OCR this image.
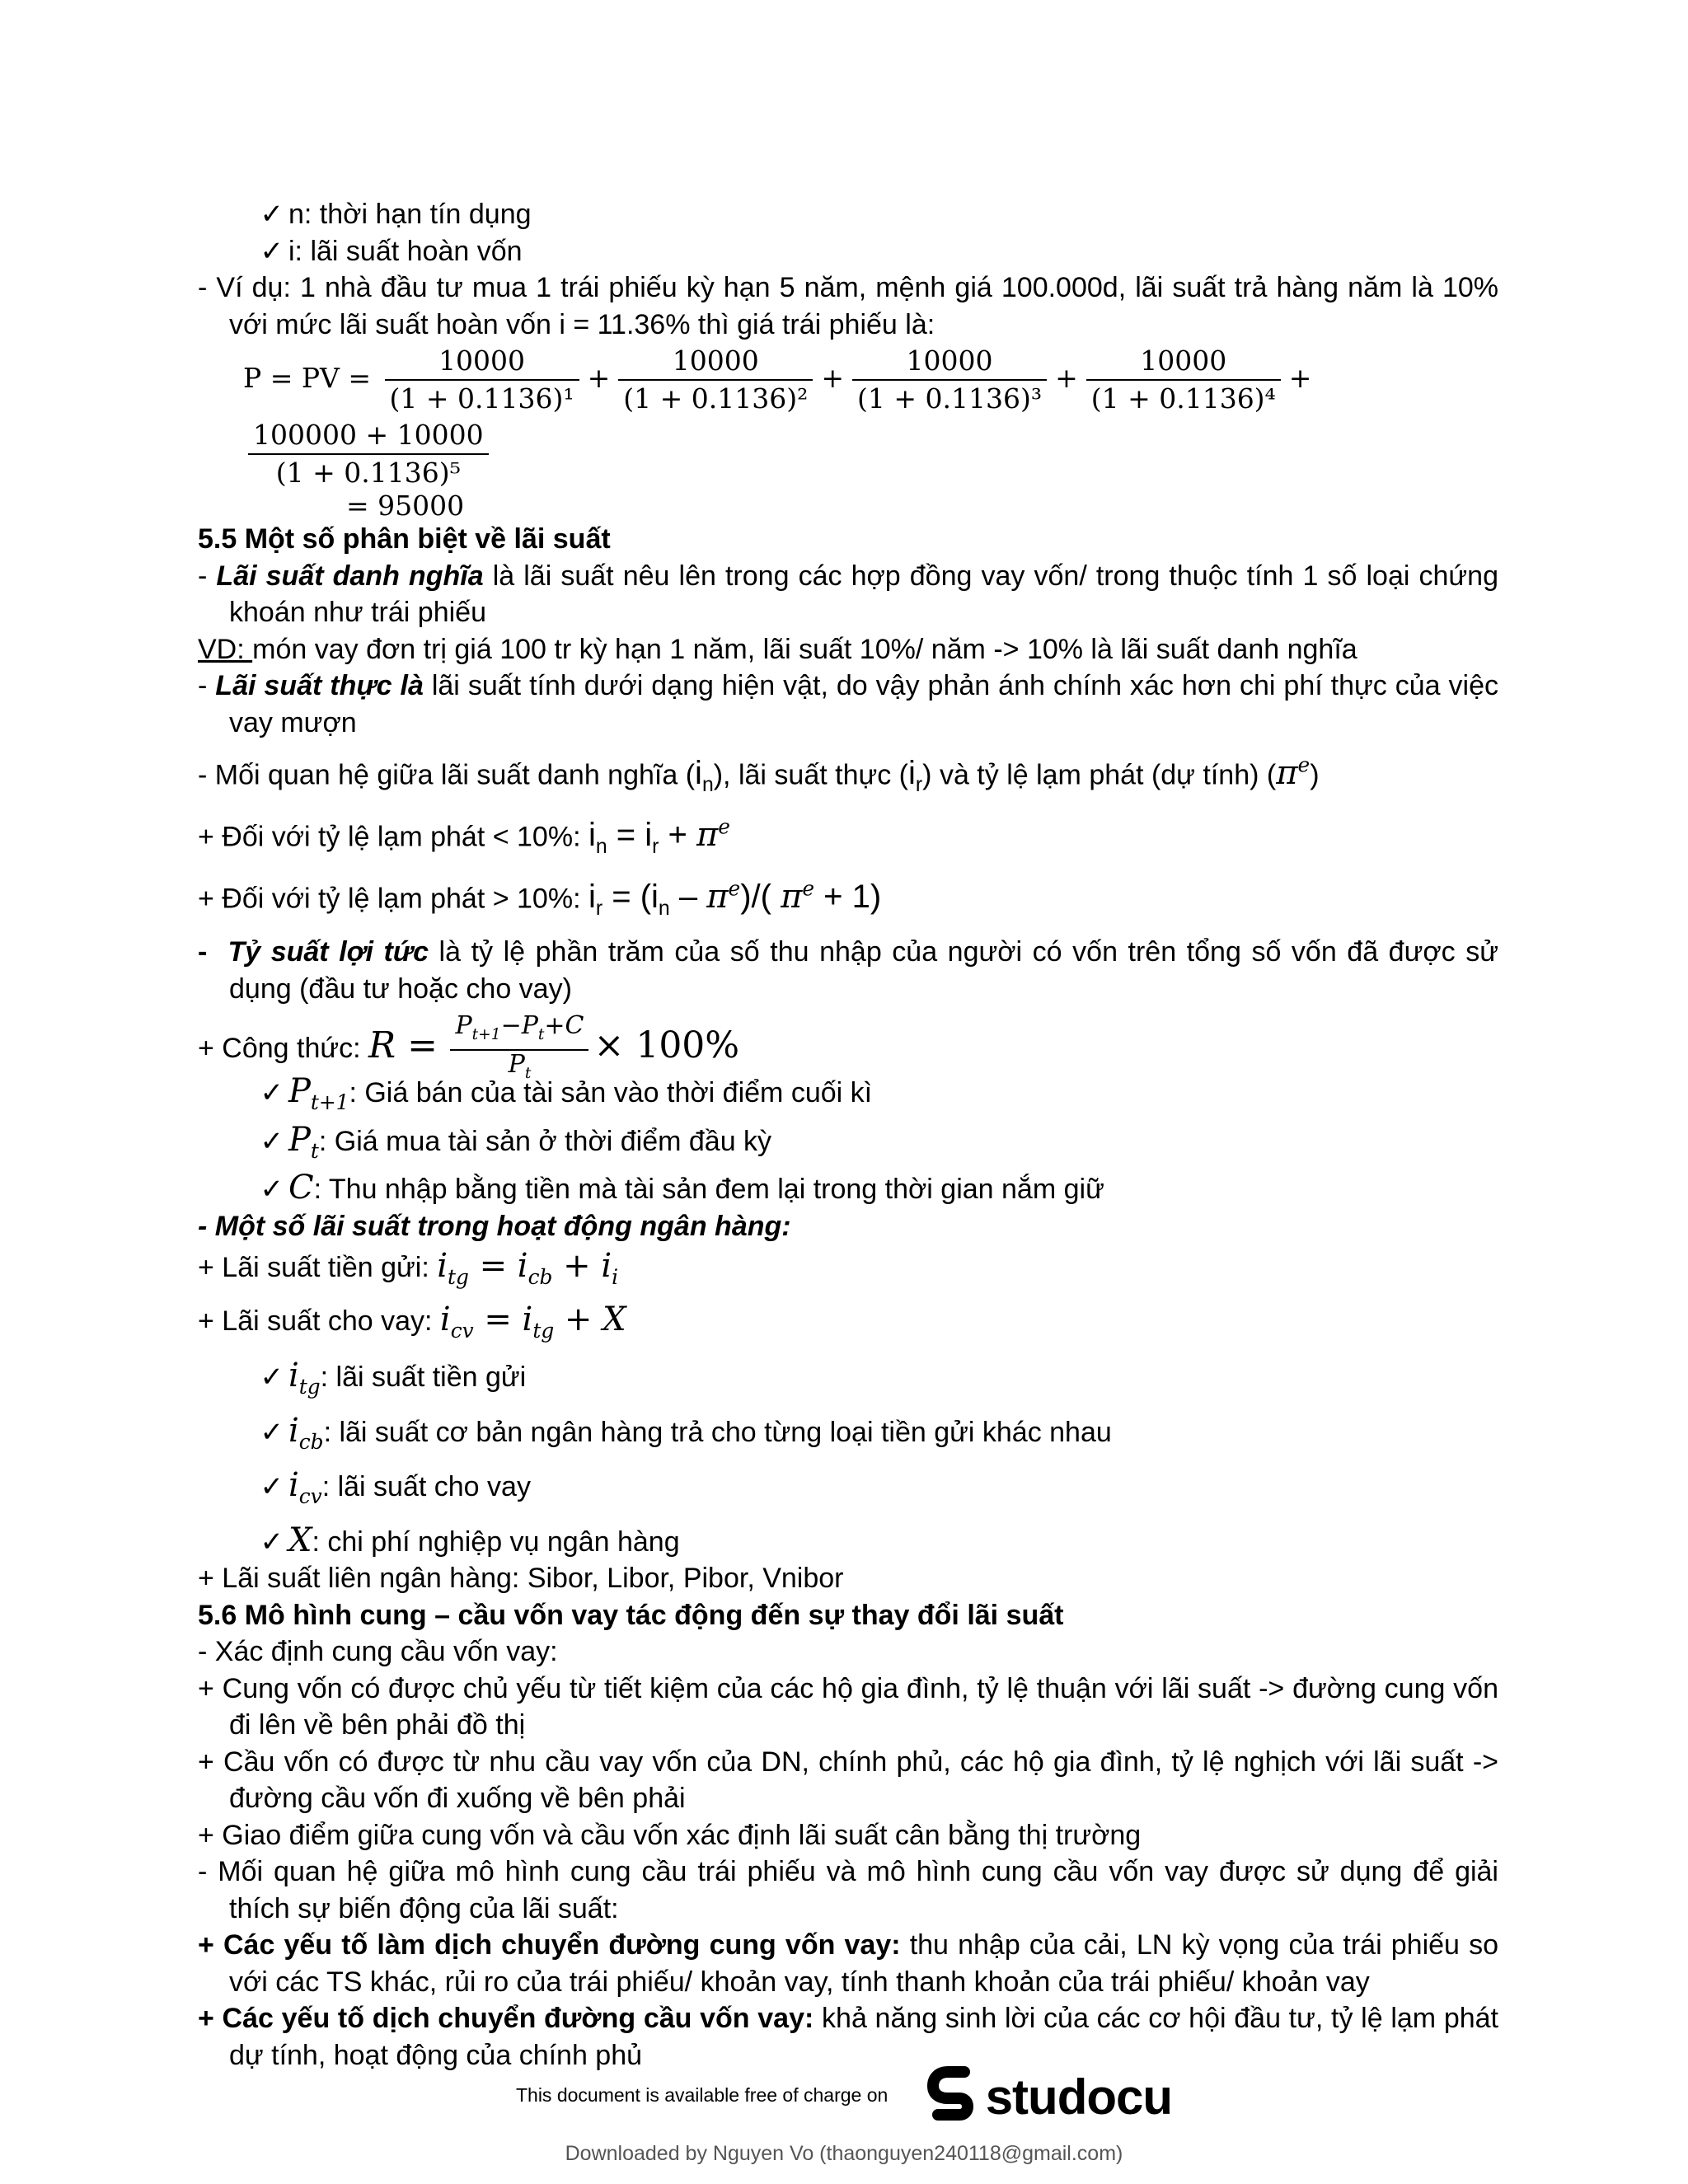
✓ n: thời hạn tín dụng
✓ i: lãi suất hoàn vốn
- Ví dụ: 1 nhà đầu tư mua 1 trái phiếu kỳ hạn 5 năm, mệnh giá 100.000d, lãi suất trả hàng năm là 10% với mức lãi suất hoàn vốn i = 11.36% thì giá trái phiếu là:
P = PV = $\frac{10000}{\text{(1 + 0.1136)¹}} + \frac{10000}{\text{(1 + 0.1136)²}} + \frac{10000}{\text{(1 + 0.1136)³}} + \frac{10000}{\text{(1 + 0.1136)⁴}}$ +
$\frac{100000 + 10000}{\text{(1 + 0.1136)⁵}}$
= 95000
5.5 Một số phân biệt về lãi suất
- Lãi suất danh nghĩa là lãi suất nêu lên trong các hợp đồng vay vốn/ trong thuộc tính 1 số loại chứng khoán như trái phiếu
VD: món vay đơn trị giá 100 tr kỳ hạn 1 năm, lãi suất 10%/ năm -> 10% là lãi suất danh nghĩa
- Lãi suất thực là lãi suất tính dưới dạng hiện vật, do vậy phản ánh chính xác hơn chi phí thực của việc vay mượn
- Mối quan hệ giữa lãi suất danh nghĩa $(i_n)$, lãi suất thực $(i_r)$ và tỷ lệ lạm phát (dự tính) $(\pi^e)$
+ Đối với tỷ lệ lạm phát < 10%: $i_n = i_r + \pi^e$
+ Đối với tỷ lệ lạm phát > 10%: $i_r = (i_n - \pi^e)/$( $\pi^e + 1$)
- Tỷ suất lợi tức là tỷ lệ phần trăm của số thu nhập của người có vốn trên tổng số vốn đã được sử dụng (đầu tư hoặc cho vay)
+ Công thức: $R = \frac{P_{t+1}-P_t+C}{P_t} \times 100\%$
✓ $P_{t+1}$: Giá bán của tài sản vào thời điểm cuối kì
✓ $P_t$: Giá mua tài sản ở thời điểm đầu kỳ
✓ C: Thu nhập bằng tiền mà tài sản đem lại trong thời gian nắm giữ
- Một số lãi suất trong hoạt động ngân hàng:
+ Lãi suất tiền gửi: $i_{tg} = i_{cb} + i_i$
+ Lãi suất cho vay: $i_{cv} = i_{tg} + X$
✓ $i_{tg}$: lãi suất tiền gửi
✓ $i_{cb}$: lãi suất cơ bản ngân hàng trả cho từng loại tiền gửi khác nhau
✓ $i_{cv}$: lãi suất cho vay
✓ X: chi phí nghiệp vụ ngân hàng
+ Lãi suất liên ngân hàng: Sibor, Libor, Pibor, Vnibor
5.6 Mô hình cung – cầu vốn vay tác động đến sự thay đổi lãi suất
- Xác định cung cầu vốn vay:
+ Cung vốn có được chủ yếu từ tiết kiệm của các hộ gia đình, tỷ lệ thuận với lãi suất -> đường cung vốn đi lên về bên phải đồ thị
+ Cầu vốn có được từ nhu cầu vay vốn của DN, chính phủ, các hộ gia đình, tỷ lệ nghịch với lãi suất -> đường cầu vốn đi xuống về bên phải
+ Giao điểm giữa cung vốn và cầu vốn xác định lãi suất cân bằng thị trường
- Mối quan hệ giữa mô hình cung cầu trái phiếu và mô hình cung cầu vốn vay được sử dụng để giải thích sự biến động của lãi suất:
+ Các yếu tố làm dịch chuyển đường cung vốn vay: thu nhập của cải, LN kỳ vọng của trái phiếu so với các TS khác, rủi ro của trái phiếu/ khoản vay, tính thanh khoản của trái phiếu/ khoản vay
+ Các yếu tố dịch chuyển đường cầu vốn vay: khả năng sinh lời của các cơ hội đầu tư, tỷ lệ lạm phát dự tính, hoạt động của chính phủ
This document is available free of charge on studocu
Downloaded by Nguyen Vo (thaonguyen240118@gmail.com)
